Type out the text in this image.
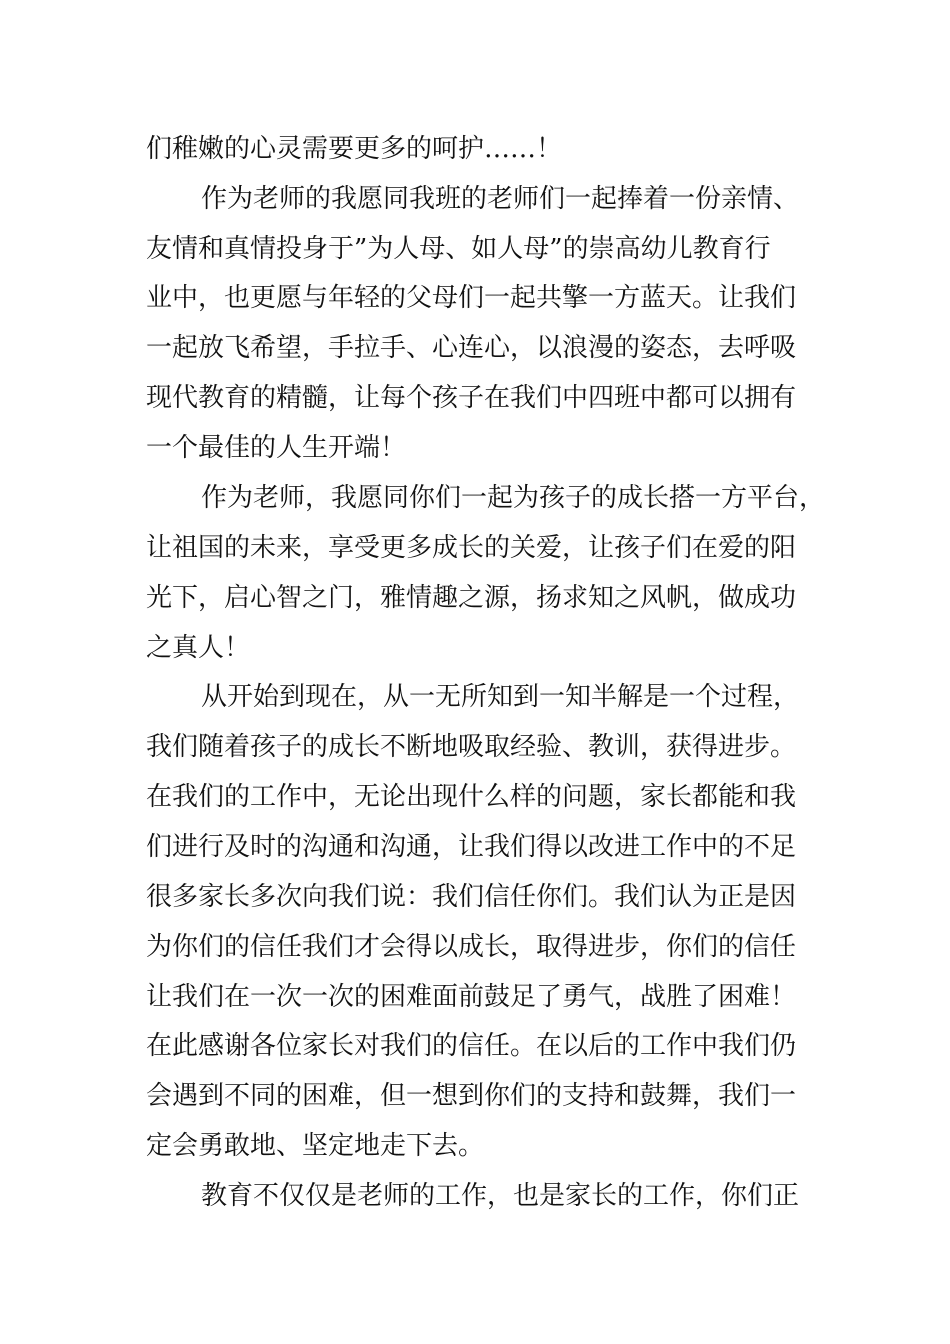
们稚嫩的心灵需要更多的呵护……！
作为老师的我愿同我班的老师们一起捧着一份亲情、
友情和真情投身于”为人母、如人母”的崇高幼儿教育行
业中，也更愿与年轻的父母们一起共擎一方蓝天。让我们
一起放飞希望，手拉手、心连心，以浪漫的姿态，去呼吸
现代教育的精髓，让每个孩子在我们中四班中都可以拥有
一个最佳的人生开端！
作为老师，我愿同你们一起为孩子的成长搭一方平台，
让祖国的未来，享受更多成长的关爱，让孩子们在爱的阳
光下，启心智之门，雅情趣之源，扬求知之风帆，做成功
之真人！
从开始到现在，从一无所知到一知半解是一个过程，
我们随着孩子的成长不断地吸取经验、教训，获得进步。
在我们的工作中，无论出现什么样的问题，家长都能和我
们进行及时的沟通和沟通，让我们得以改进工作中的不足
很多家长多次向我们说：我们信任你们。我们认为正是因
为你们的信任我们才会得以成长，取得进步，你们的信任
让我们在一次一次的困难面前鼓足了勇气，战胜了困难！
在此感谢各位家长对我们的信任。在以后的工作中我们仍
会遇到不同的困难，但一想到你们的支持和鼓舞，我们一
定会勇敢地、坚定地走下去。
教育不仅仅是老师的工作，也是家长的工作，你们正
